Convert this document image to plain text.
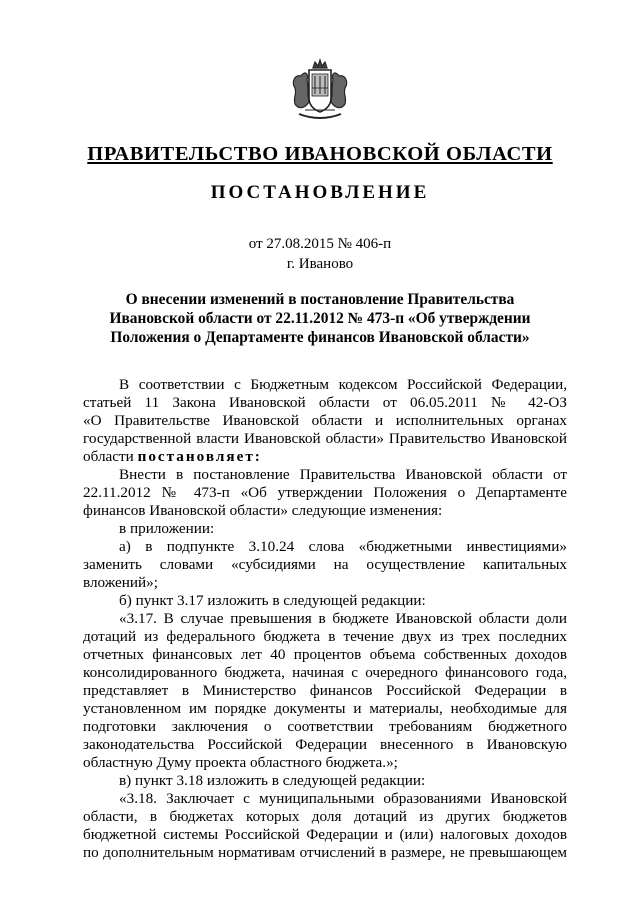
ПРАВИТЕЛЬСТВО ИВАНОВСКОЙ ОБЛАСТИ
ПОСТАНОВЛЕНИЕ
от 27.08.2015 № 406-п
г. Иваново
О внесении изменений в постановление Правительства
Ивановской области от 22.11.2012 № 473-п «Об утверждении
Положения о Департаменте финансов Ивановской области»

В соответствии с Бюджетным кодексом Российской Федерации,

статьей 11 Закона Ивановской области от 06.05.2011 № 42-ОЗ

«О Правительстве Ивановской области и исполнительных органах

государственной власти Ивановской области» Правительство Ивановской

области постановляет:

Внести в постановление Правительства Ивановской области от

22.11.2012 № 473-п «Об утверждении Положения о Департаменте

финансов Ивановской области» следующие изменения:

в приложении:

а) в подпункте 3.10.24 слова «бюджетными инвестициями»

заменить словами «субсидиями на осуществление капитальных

вложений»;

б) пункт 3.17 изложить в следующей редакции:

«3.17. В случае превышения в бюджете Ивановской области доли

дотаций из федерального бюджета в течение двух из трех последних

отчетных финансовых лет 40 процентов объема собственных доходов

консолидированного бюджета, начиная с очередного финансового года,

представляет в Министерство финансов Российской Федерации в

установленном им порядке документы и материалы, необходимые для

подготовки заключения о соответствии требованиям бюджетного

законодательства Российской Федерации внесенного в Ивановскую

областную Думу проекта областного бюджета.»;

в) пункт 3.18 изложить в следующей редакции:

«3.18. Заключает с муниципальными образованиями Ивановской

области, в бюджетах которых доля дотаций из других бюджетов

бюджетной системы Российской Федерации и (или) налоговых доходов

по дополнительным нормативам отчислений в размере, не превышающем
